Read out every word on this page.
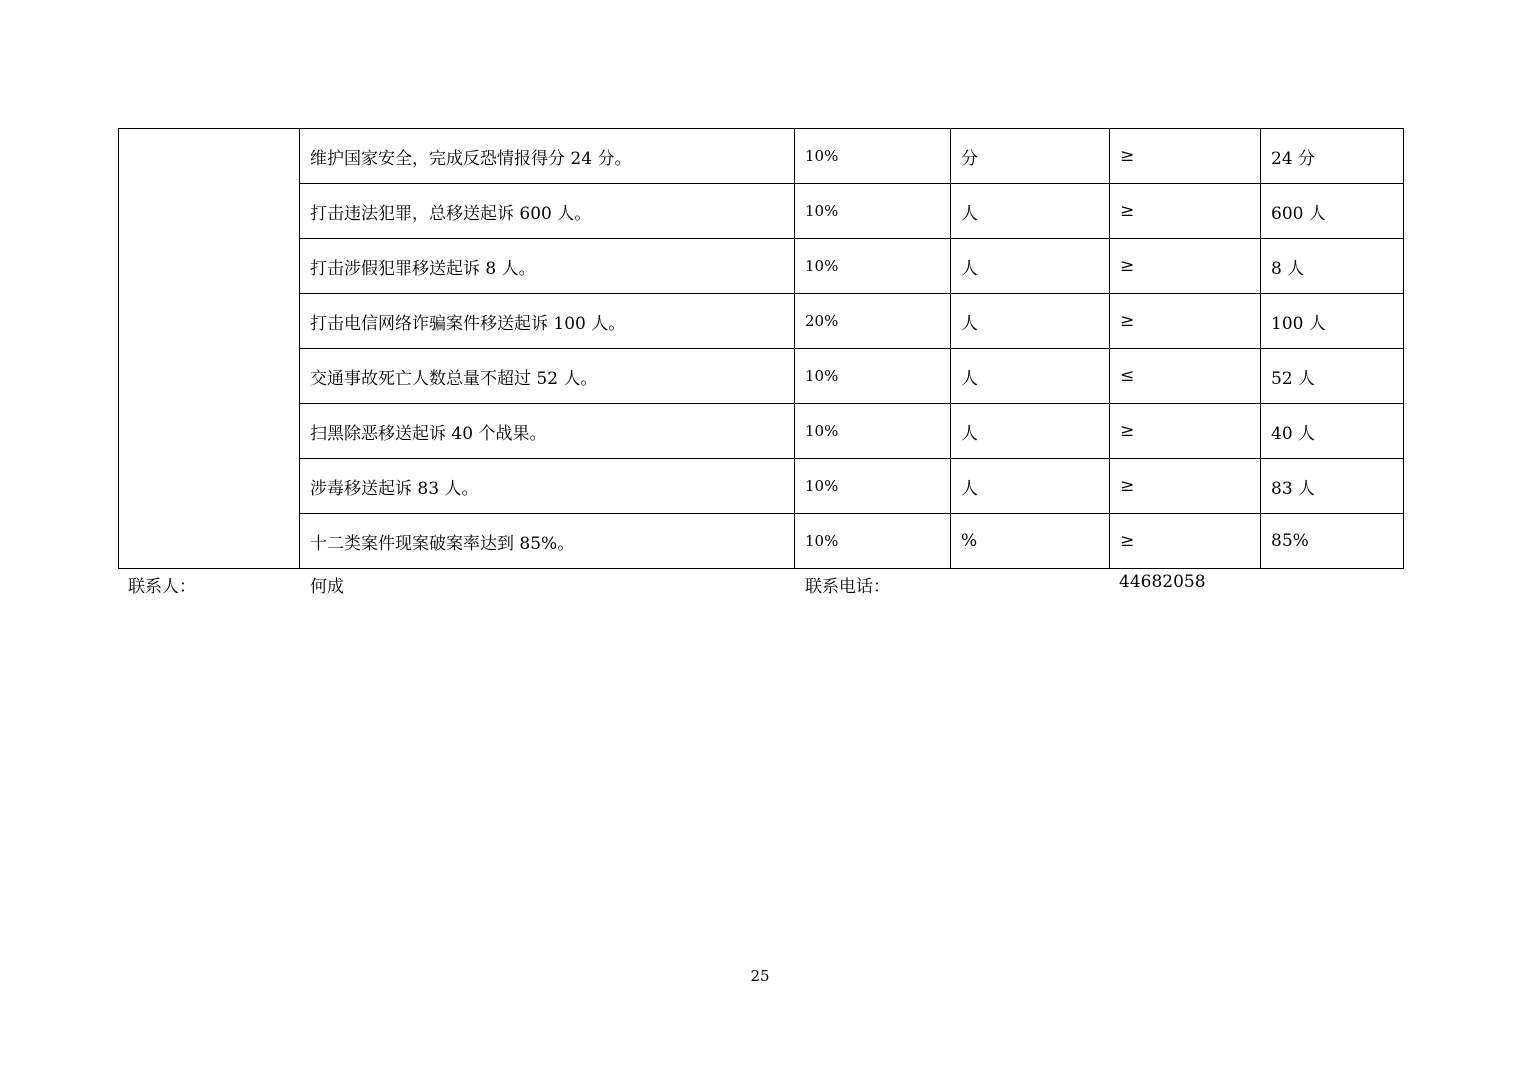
	维护国家安全，完成反恐情报得分 24 分。	10%	分	≥	24 分
	打击违法犯罪，总移送起诉 600 人。	10%	人	≥	600 人
	打击涉假犯罪移送起诉 8 人。	10%	人	≥	8 人
	打击电信网络诈骗案件移送起诉 100 人。	20%	人	≥	100 人
	交通事故死亡人数总量不超过 52 人。	10%	人	≤	52 人
	扫黑除恶移送起诉 40 个战果。	10%	人	≥	40 人
	涉毒移送起诉 83 人。	10%	人	≥	83 人
	十二类案件现案破案率达到 85%。	10%	%	≥	85%
联系人：	何成	联系电话：	44682058
25
